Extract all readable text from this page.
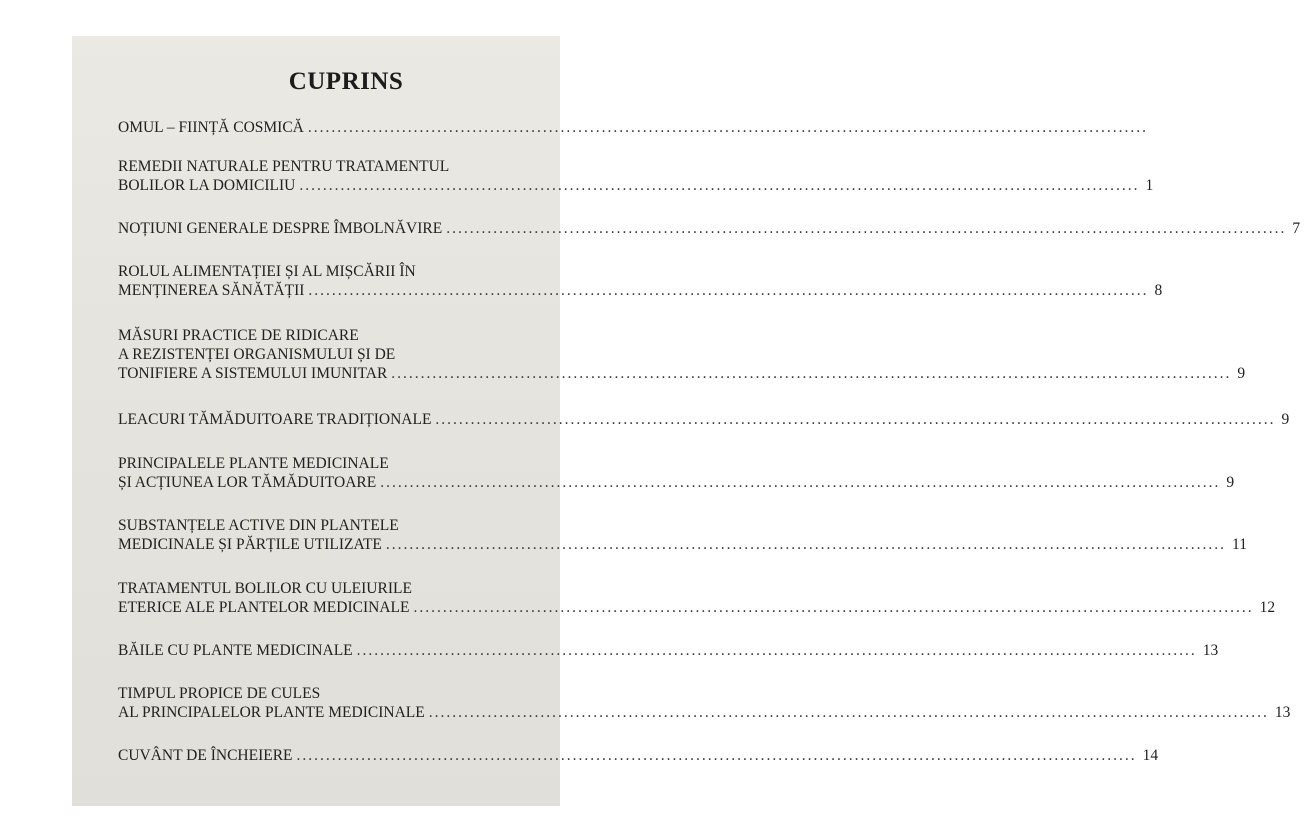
CUPRINS
OMUL – FIINȚĂ COSMICĂ
.....
REMEDII NATURALE PENTRU TRATAMENTUL
BOLILOR LA DOMICILIU .....	1
NOȚIUNI GENERALE DESPRE ÎMBOLNĂVIRE .....	7
ROLUL ALIMENTAȚIEI ȘI AL MIȘCĂRII ÎN
MENȚINEREA SĂNĂTĂȚII .....	8
MĂSURI PRACTICE DE RIDICARE
A REZISTENȚEI ORGANISMULUI ȘI DE
TONIFIERE A SISTEMULUI IMUNITAR .....	9
LEACURI TĂMĂDUITOARE TRADIȚIONALE .....	9
PRINCIPALELE PLANTE MEDICINALE
ȘI ACȚIUNEA LOR TĂMĂDUITOARE .....	9
SUBSTANȚELE ACTIVE DIN PLANTELE
MEDICINALE ȘI PĂRȚILE UTILIZATE .....	11
TRATAMENTUL BOLILOR CU ULEIURILE
ETERICE ALE PLANTELOR MEDICINALE .....	12
BĂILE CU PLANTE MEDICINALE .....	13
TIMPUL PROPICE DE CULES
AL PRINCIPALELOR PLANTE MEDICINALE .....	13
CUVÂNT DE ÎNCHEIERE .....	14
